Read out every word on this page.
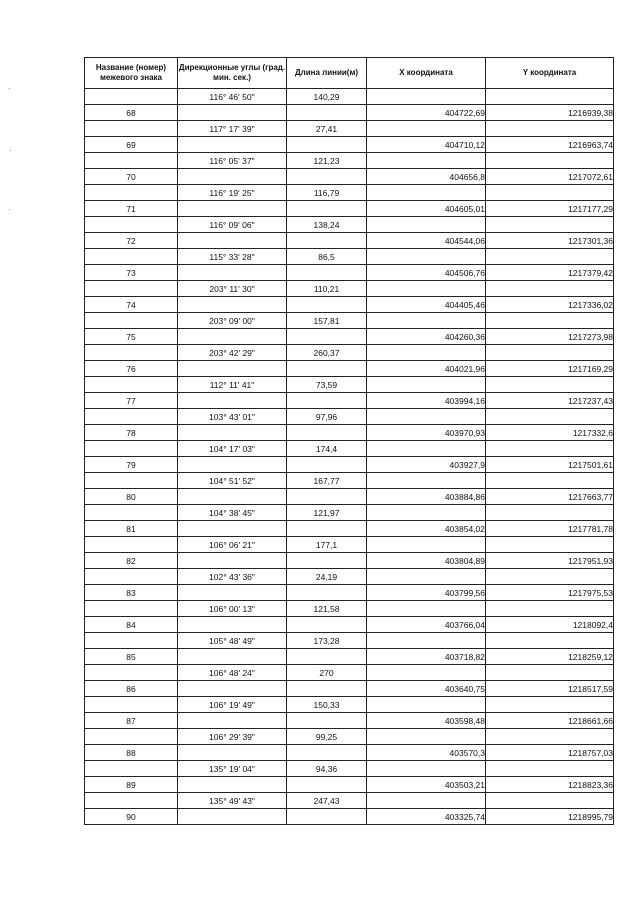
Название (номер) межевого знака	Дирекционные углы (град. мин. сек.)	Длина линии(м)	X координата	Y координата
	116° 46' 50"	140,29		
68			404722,69	1216939,38
	117° 17' 39"	27,41		
69			404710,12	1216963,74
	116° 05' 37"	121,23		
70			404656,8	1217072,61
	116° 19' 25"	116,79		
71			404605,01	1217177,29
	116° 09' 06"	138,24		
72			404544,06	1217301,36
	115° 33' 28"	86,5		
73			404506,76	1217379,42
	203° 11' 30"	110,21		
74			404405,46	1217336,02
	203° 09' 00"	157,81		
75			404260,36	1217273,98
	203° 42' 29"	260,37		
76			404021,96	1217169,29
	112° 11' 41"	73,59		
77			403994,16	1217237,43
	103° 43' 01"	97,96		
78			403970,93	1217332,6
	104° 17' 03"	174,4		
79			403927,9	1217501,61
	104° 51' 52"	167,77		
80			403884,86	1217663,77
	104° 38' 45"	121,97		
81			403854,02	1217781,78
	106° 06' 21"	177,1		
82			403804,89	1217951,93
	102° 43' 36"	24,19		
83			403799,56	1217975,53
	106° 00' 13"	121,58		
84			403766,04	1218092,4
	105° 48' 49"	173,28		
85			403718,82	1218259,12
	106° 48' 24"	270		
86			403640,75	1218517,59
	106° 19' 49"	150,33		
87			403598,48	1218661,66
	106° 29' 39"	99,25		
88			403570,3	1218757,03
	135° 19' 04"	94,36		
89			403503,21	1218823,36
	135° 49' 43"	247,43		
90			403325,74	1218995,79
